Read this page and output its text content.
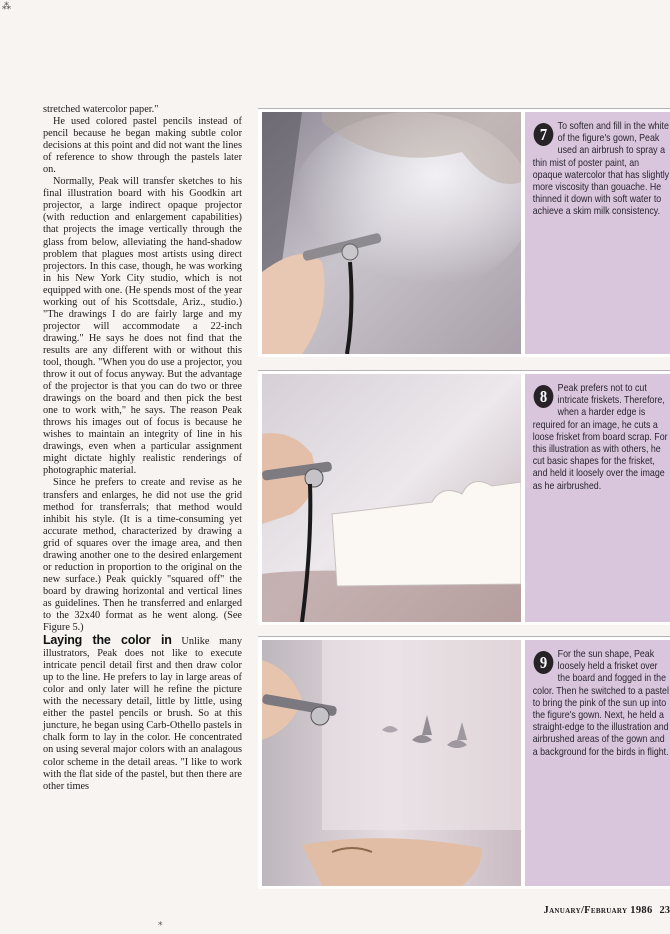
⁂
⁎

stretched watercolor paper."

He used colored pastel pencils instead of pencil because he began making subtle color decisions at this point and did not want the lines of reference to show through the pastels later on.

Normally, Peak will transfer sketches to his final illustration board with his Goodkin art projector, a large indirect opaque projector (with reduction and enlargement capabilities) that projects the image vertically through the glass from below, alleviating the hand-shadow problem that plagues most artists using direct projectors. In this case, though, he was working in his New York City studio, which is not equipped with one. (He spends most of the year working out of his Scottsdale, Ariz., studio.) "The drawings I do are fairly large and my projector will accommodate a 22-inch drawing." He says he does not find that the results are any different with or without this tool, though. "When you do use a projector, you throw it out of focus anyway. But the advantage of the projector is that you can do two or three drawings on the board and then pick the best one to work with," he says. The reason Peak throws his images out of focus is because he wishes to maintain an integrity of line in his drawings, even when a particular assignment might dictate highly realistic renderings of photographic material.

Since he prefers to create and revise as he transfers and enlarges, he did not use the grid method for transferrals; that method would inhibit his style. (It is a time-consuming yet accurate method, characterized by drawing a grid of squares over the image area, and then drawing another one to the desired enlargement or reduction in proportion to the original on the new surface.) Peak quickly "squared off" the board by drawing horizontal and vertical lines as guidelines. Then he transferred and enlarged to the 32x40 format as he went along. (See Figure 5.)

Laying the color in Unlike many illustrators, Peak does not like to execute intricate pencil detail first and then draw color up to the line. He prefers to lay in large areas of color and only later will he refine the picture with the necessary detail, little by little, using either the pastel pencils or brush. So at this juncture, he began using Carb-Othello pastels in chalk form to lay in the color. He concentrated on using several major colors with an analagous color scheme in the detail areas. "I like to work with the flat side of the pastel, but then there are other times

7	To soften and fill in the white of the figure's gown, Peak used an airbrush to spray a thin mist of poster paint, an opaque watercolor that has slightly more viscosity than gouache. He thinned it down with soft water to achieve a skim milk consistency.
8	Peak prefers not to cut intricate friskets. Therefore, when a harder edge is required for an image, he cuts a loose frisket from board scrap. For this illustration as with others, he cut basic shapes for the frisket, and held it loosely over the image as he airbrushed.
9	For the sun shape, Peak loosely held a frisket over the board and fogged in the color. Then he switched to a pastel to bring the pink of the sun up into the figure's gown. Next, he held a straight-edge to the illustration and airbrushed areas of the gown and a background for the birds in flight.
January/February 1986 23
